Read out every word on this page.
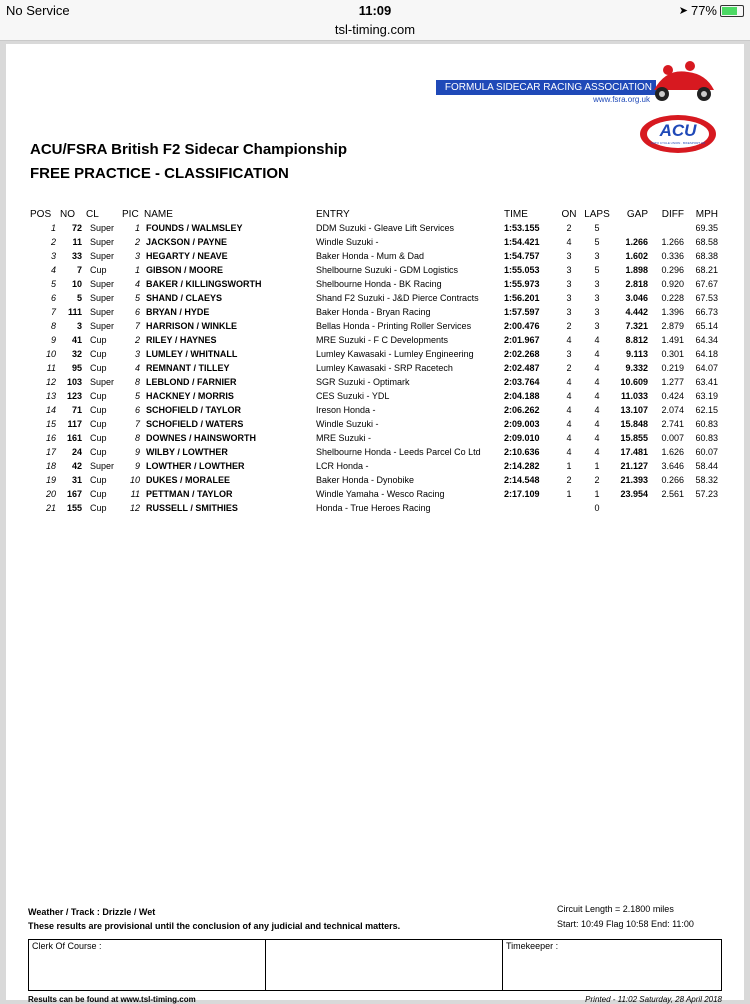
No Service	11:09	➤ 77%
tsl-timing.com
FORMULA SIDECAR RACING ASSOCIATION
www.fsra.org.uk
ACU
AUTO CYCLE UNION · BIKESPORT GB
ACU/FSRA British F2 Sidecar Championship
FREE PRACTICE - CLASSIFICATION
POS	NO	CL	PIC	NAME	ENTRY	TIME	ON	LAPS	GAP	DIFF	MPH
1	72	Super	1	FOUNDS / WALMSLEY	DDM Suzuki - Gleave Lift Services	1:53.155	2	5			69.35
2	11	Super	2	JACKSON / PAYNE	Windle Suzuki -	1:54.421	4	5	1.266	1.266	68.58
3	33	Super	3	HEGARTY / NEAVE	Baker Honda - Mum & Dad	1:54.757	3	3	1.602	0.336	68.38
4	7	Cup	1	GIBSON / MOORE	Shelbourne Suzuki - GDM Logistics	1:55.053	3	5	1.898	0.296	68.21
5	10	Super	4	BAKER / KILLINGSWORTH	Shelbourne Honda - BK Racing	1:55.973	3	3	2.818	0.920	67.67
6	5	Super	5	SHAND / CLAEYS	Shand F2 Suzuki - J&D Pierce Contracts	1:56.201	3	3	3.046	0.228	67.53
7	111	Super	6	BRYAN / HYDE	Baker Honda - Bryan Racing	1:57.597	3	3	4.442	1.396	66.73
8	3	Super	7	HARRISON / WINKLE	Bellas Honda - Printing Roller Services	2:00.476	2	3	7.321	2.879	65.14
9	41	Cup	2	RILEY / HAYNES	MRE Suzuki - F C Developments	2:01.967	4	4	8.812	1.491	64.34
10	32	Cup	3	LUMLEY / WHITNALL	Lumley Kawasaki - Lumley Engineering	2:02.268	3	4	9.113	0.301	64.18
11	95	Cup	4	REMNANT / TILLEY	Lumley Kawasaki - SRP Racetech	2:02.487	2	4	9.332	0.219	64.07
12	103	Super	8	LEBLOND / FARNIER	SGR Suzuki - Optimark	2:03.764	4	4	10.609	1.277	63.41
13	123	Cup	5	HACKNEY / MORRIS	CES Suzuki - YDL	2:04.188	4	4	11.033	0.424	63.19
14	71	Cup	6	SCHOFIELD / TAYLOR	Ireson Honda -	2:06.262	4	4	13.107	2.074	62.15
15	117	Cup	7	SCHOFIELD / WATERS	Windle Suzuki -	2:09.003	4	4	15.848	2.741	60.83
16	161	Cup	8	DOWNES / HAINSWORTH	MRE Suzuki -	2:09.010	4	4	15.855	0.007	60.83
17	24	Cup	9	WILBY / LOWTHER	Shelbourne Honda - Leeds Parcel Co Ltd	2:10.636	4	4	17.481	1.626	60.07
18	42	Super	9	LOWTHER / LOWTHER	LCR Honda -	2:14.282	1	1	21.127	3.646	58.44
19	31	Cup	10	DUKES / MORALEE	Baker Honda - Dynobike	2:14.548	2	2	21.393	0.266	58.32
20	167	Cup	11	PETTMAN / TAYLOR	Windle Yamaha - Wesco Racing	2:17.109	1	1	23.954	2.561	57.23
21	155	Cup	12	RUSSELL / SMITHIES	Honda - True Heroes Racing			0			
Weather / Track : Drizzle / Wet
These results are provisional until the conclusion of any judicial and technical matters.
Circuit Length = 2.1800 miles
Start: 10:49 Flag 10:58 End: 11:00
Clerk Of Course :	Timekeeper :
Results can be found at www.tsl-timing.com	Printed - 11:02 Saturday, 28 April 2018
